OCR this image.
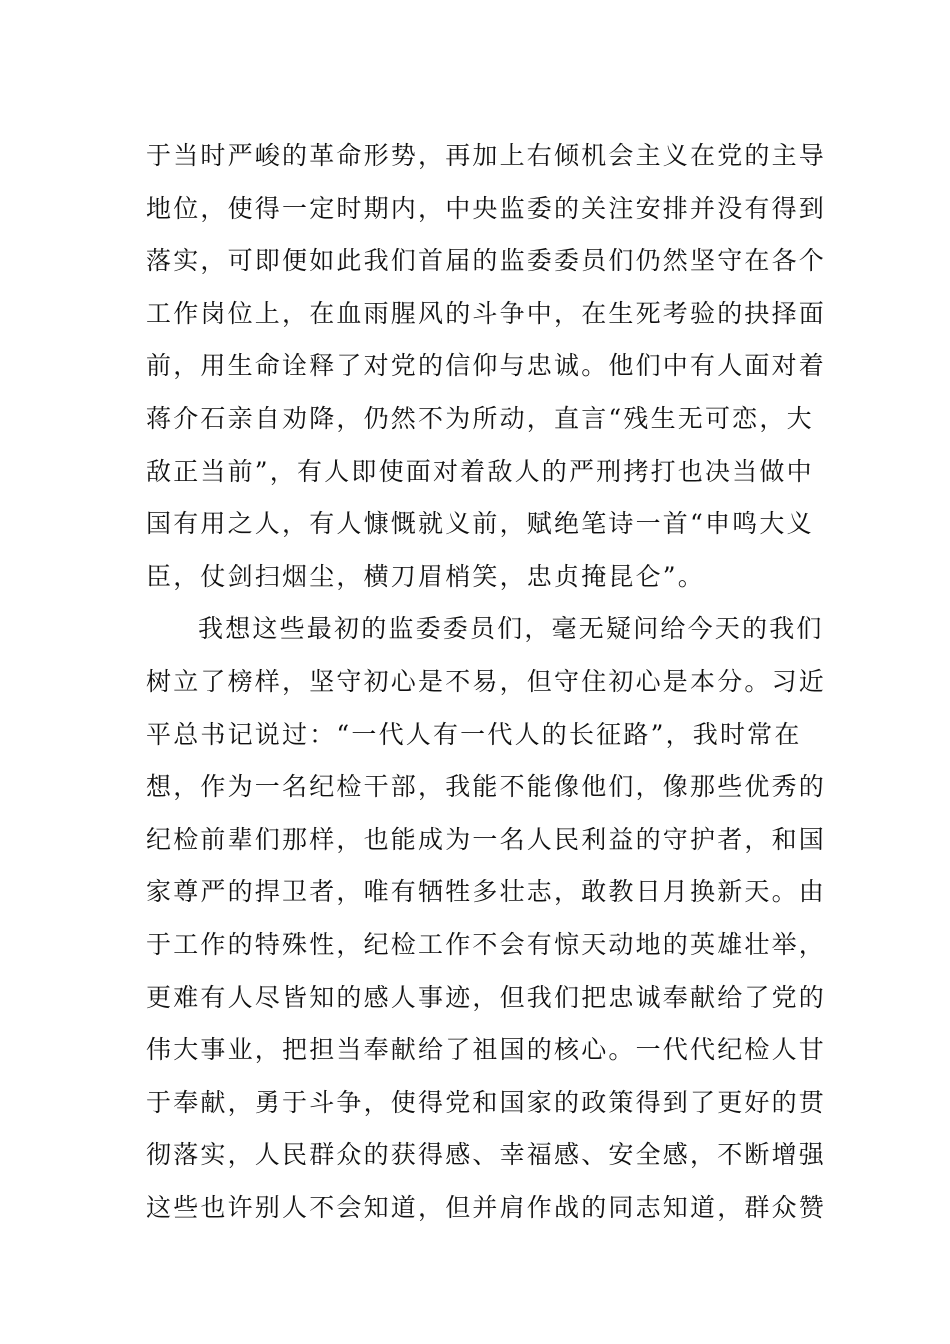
于当时严峻的革命形势，再加上右倾机会主义在党的主导
地位，使得一定时期内，中央监委的关注安排并没有得到
落实，可即便如此我们首届的监委委员们仍然坚守在各个
工作岗位上，在血雨腥风的斗争中，在生死考验的抉择面
前，用生命诠释了对党的信仰与忠诚。他们中有人面对着
蒋介石亲自劝降，仍然不为所动，直言“残生无可恋，大
敌正当前”，有人即使面对着敌人的严刑拷打也决当做中
国有用之人，有人慷慨就义前，赋绝笔诗一首“申鸣大义
臣，仗剑扫烟尘，横刀眉梢笑，忠贞掩昆仑”。
我想这些最初的监委委员们，毫无疑问给今天的我们
树立了榜样，坚守初心是不易，但守住初心是本分。习近
平总书记说过：“一代人有一代人的长征路”，我时常在
想，作为一名纪检干部，我能不能像他们，像那些优秀的
纪检前辈们那样，也能成为一名人民利益的守护者，和国
家尊严的捍卫者，唯有牺牲多壮志，敢教日月换新天。由
于工作的特殊性，纪检工作不会有惊天动地的英雄壮举，
更难有人尽皆知的感人事迹，但我们把忠诚奉献给了党的
伟大事业，把担当奉献给了祖国的核心。一代代纪检人甘
于奉献，勇于斗争，使得党和国家的政策得到了更好的贯
彻落实，人民群众的获得感、幸福感、安全感，不断增强
这些也许别人不会知道，但并肩作战的同志知道，群众赞
